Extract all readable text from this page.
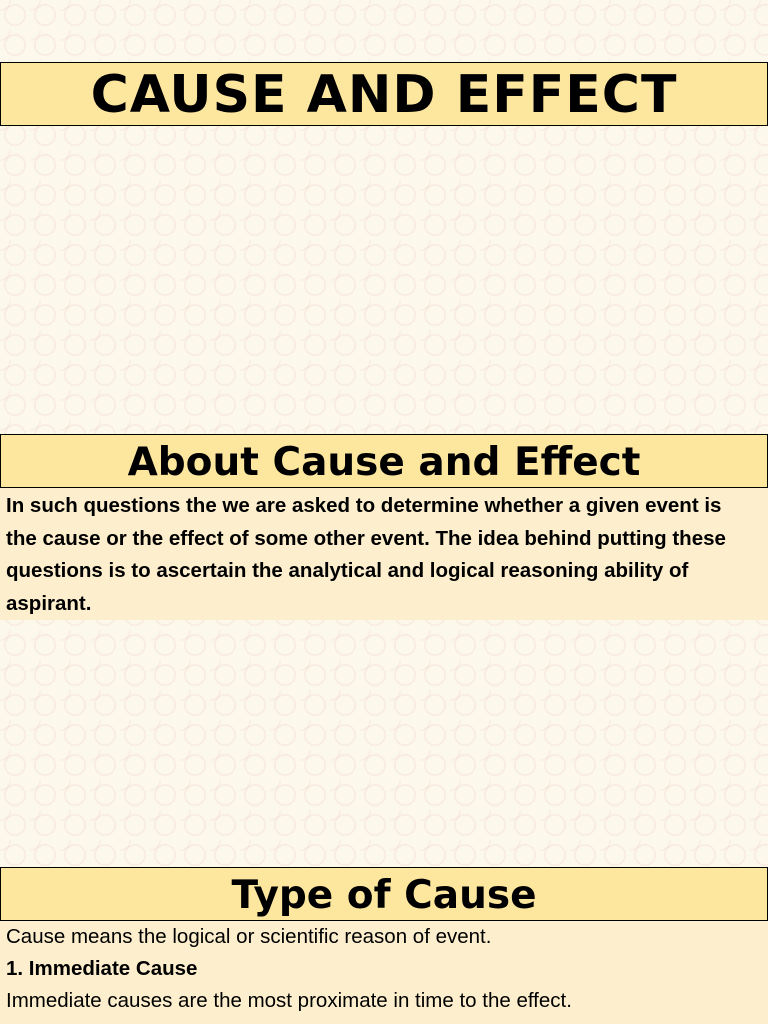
CAUSE AND EFFECT
About Cause and Effect

In such questions the we are asked to determine whether a given event is the cause or the effect of some other event. The idea behind putting these questions is to ascertain the analytical and logical reasoning ability of aspirant.

Type of Cause
Cause means the logical or scientific reason of event.
1. Immediate Cause
Immediate causes are the most proximate in time to the effect.
